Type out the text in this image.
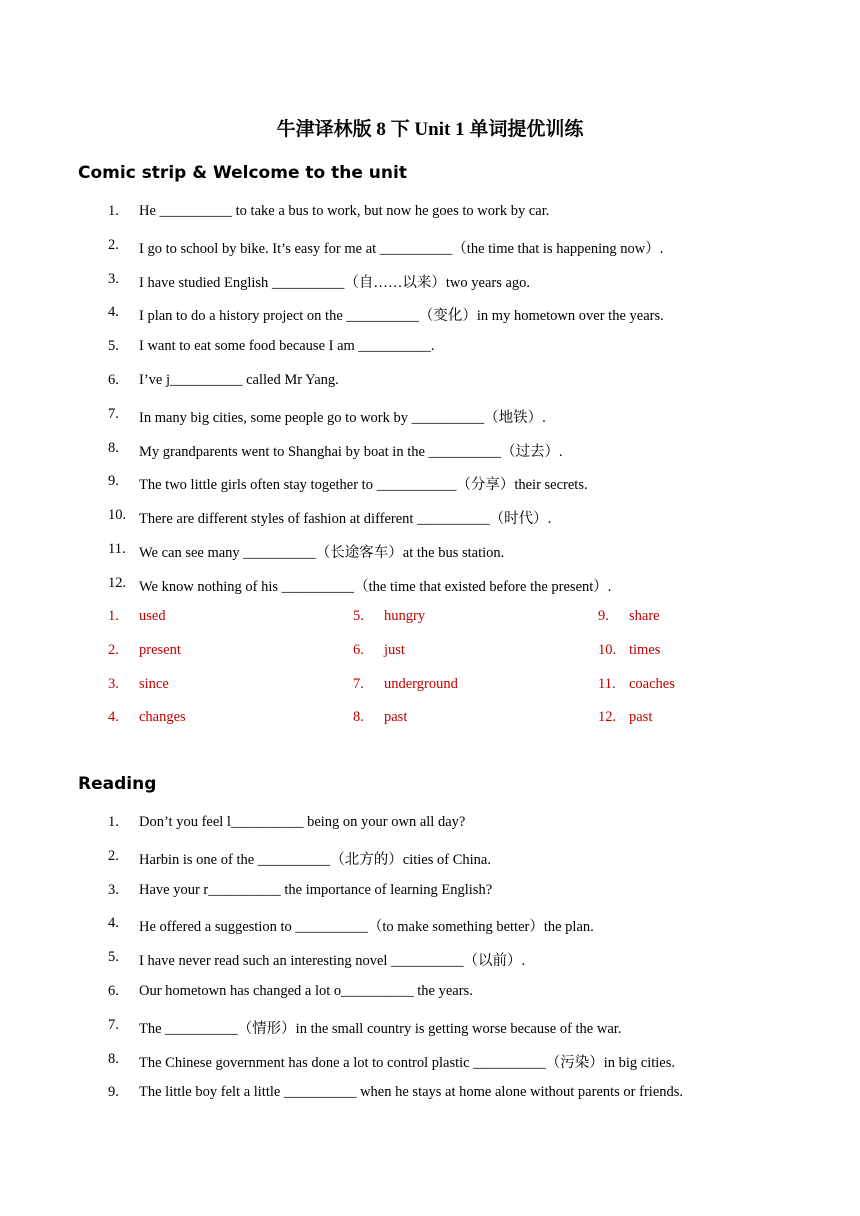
牛津译林版 8 下 Unit 1 单词提优训练
Comic strip & Welcome to the unit
1. He __________ to take a bus to work, but now he goes to work by car.
2. I go to school by bike. It’s easy for me at __________（the time that is happening now）.
3. I have studied English __________（自……以来）two years ago.
4. I plan to do a history project on the __________（变化）in my hometown over the years.
5. I want to eat some food because I am __________.
6. I’ve j__________ called Mr Yang.
7. In many big cities, some people go to work by __________（地铁）.
8. My grandparents went to Shanghai by boat in the __________（过去）.
9. The two little girls often stay together to ___________（分享）their secrets.
10. There are different styles of fashion at different __________（时代）.
11. We can see many __________（长途客车）at the bus station.
12. We know nothing of his __________（the time that existed before the present）.
1. used
2. present
3. since
4. changes
5. hungry
6. just
7. underground
8. past
9. share
10. times
11. coaches
12. past
Reading
1. Don’t you feel l__________ being on your own all day?
2. Harbin is one of the __________（北方的）cities of China.
3. Have your r__________ the importance of learning English?
4. He offered a suggestion to __________（to make something better）the plan.
5. I have never read such an interesting novel __________（以前）.
6. Our hometown has changed a lot o__________ the years.
7. The __________（情形）in the small country is getting worse because of the war.
8. The Chinese government has done a lot to control plastic __________（污染）in big cities.
9. The little boy felt a little __________ when he stays at home alone without parents or friends.
